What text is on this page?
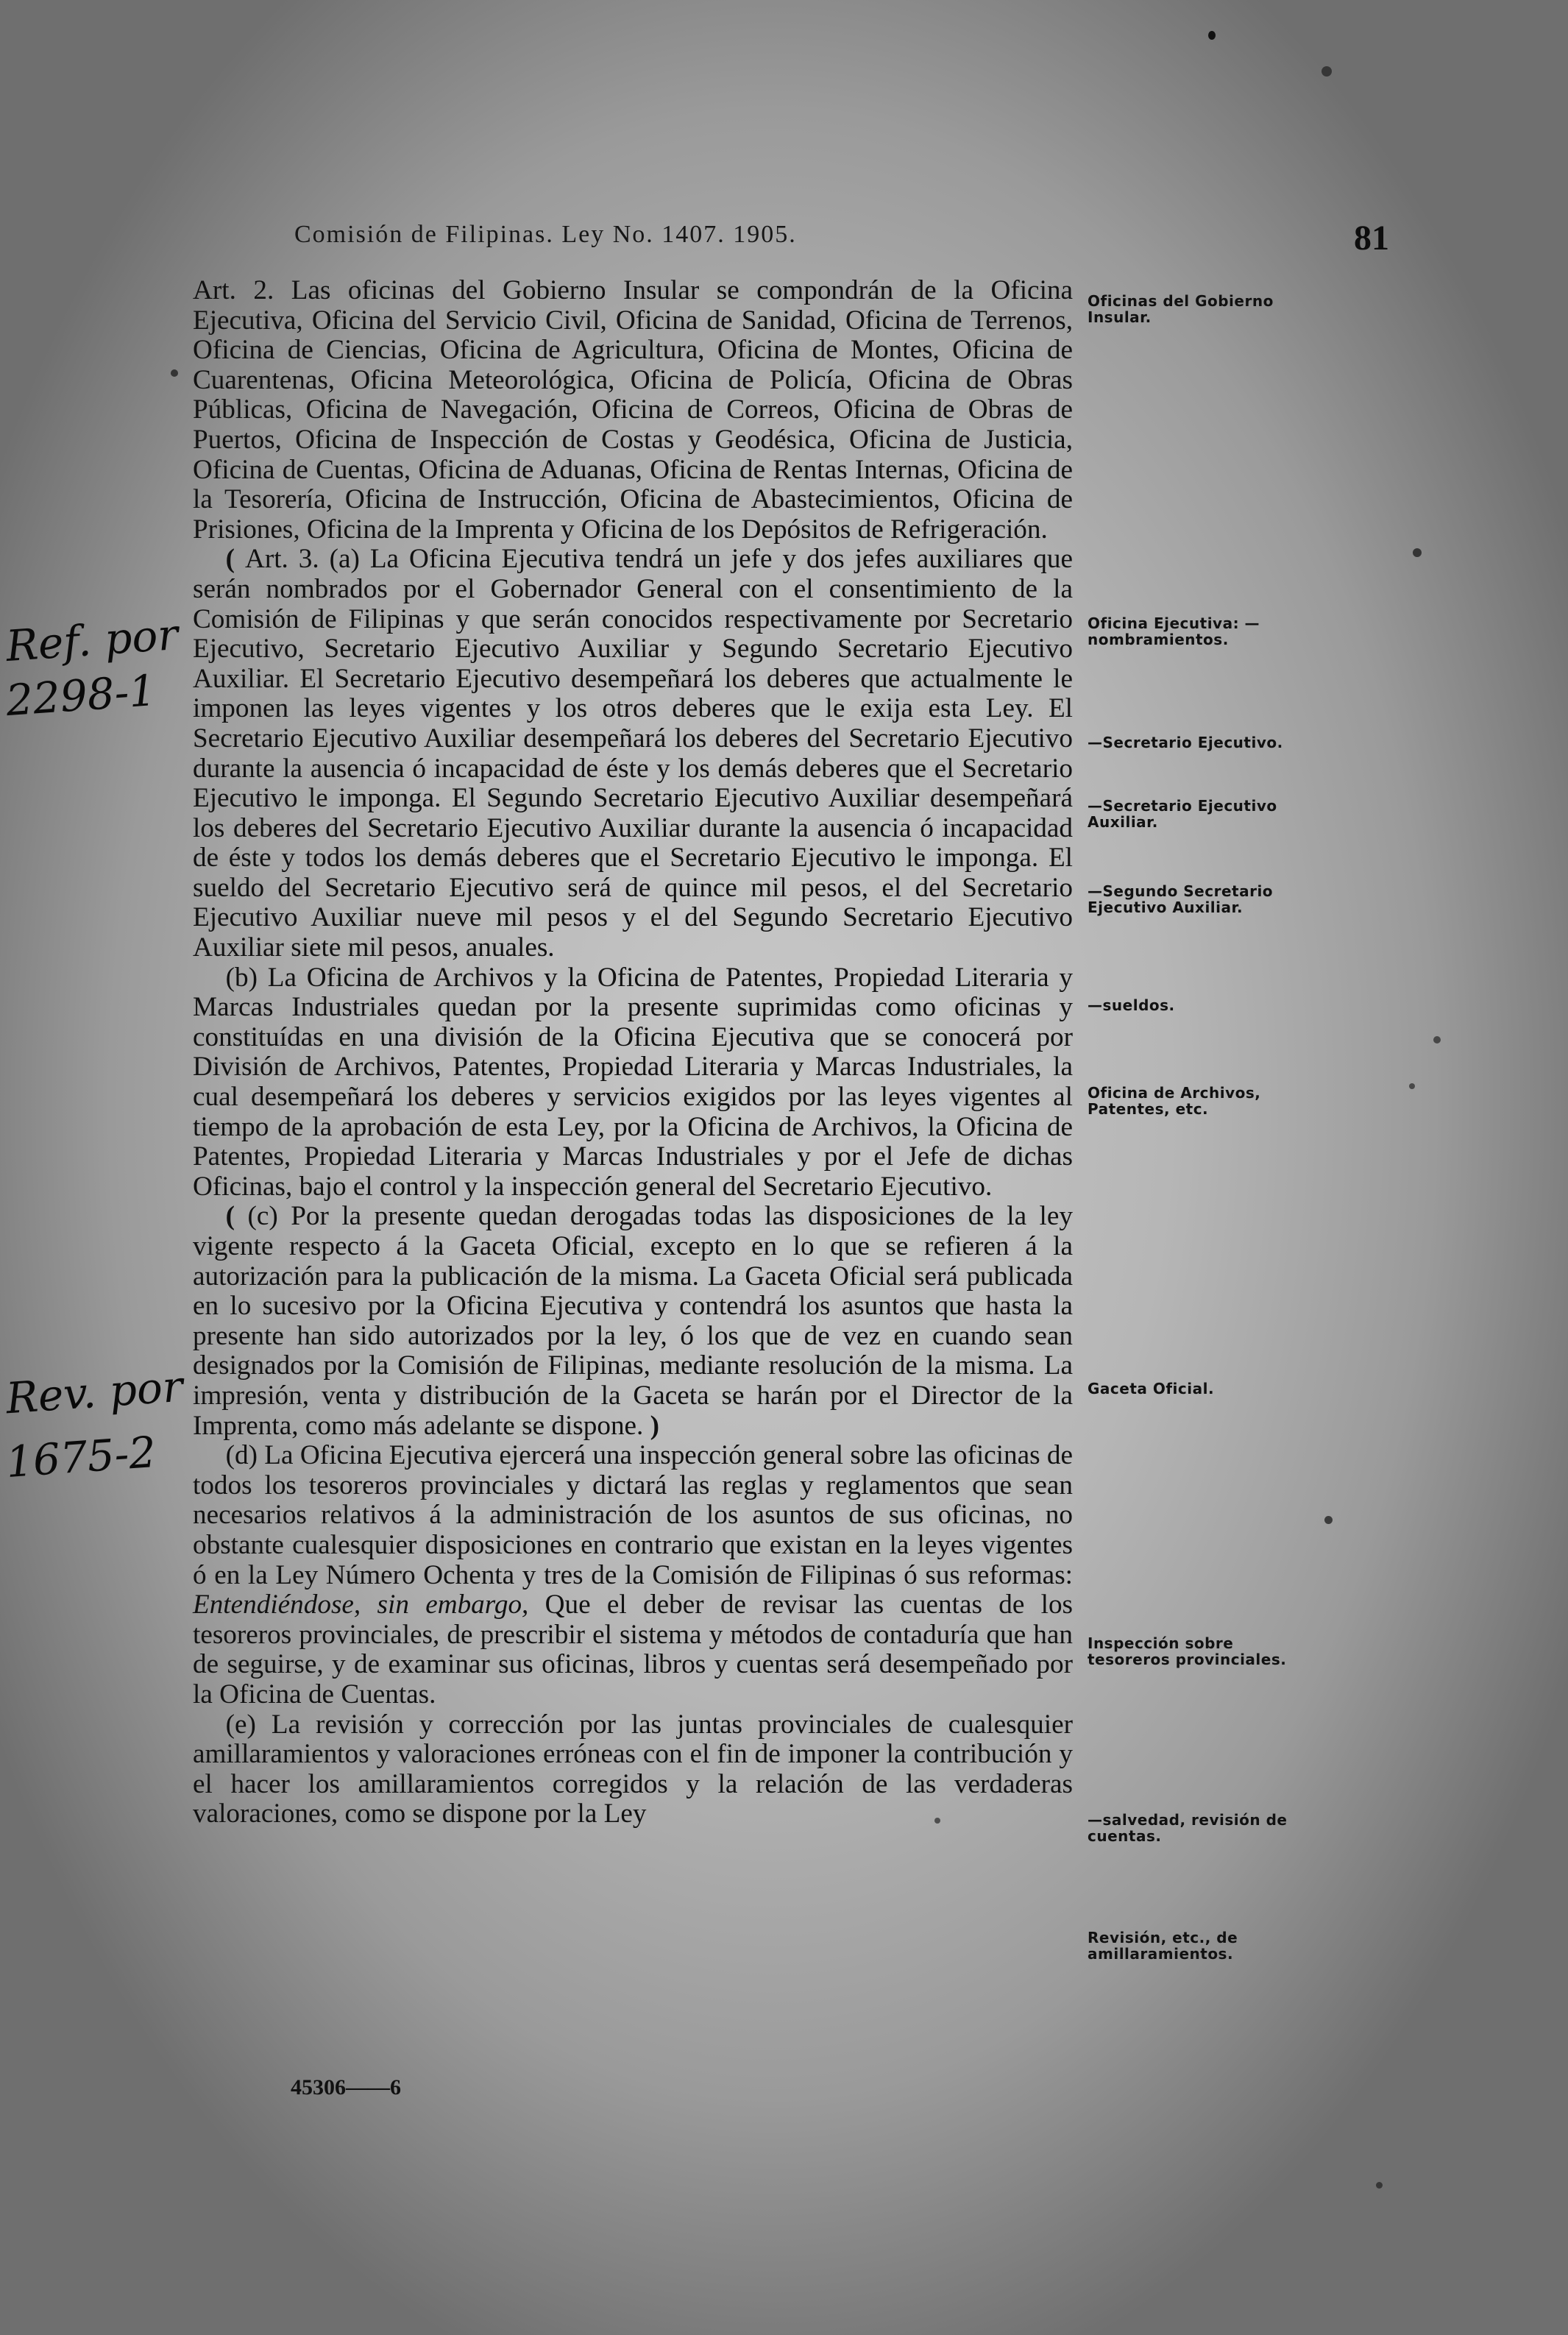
Comisión de Filipinas. Ley No. 1407. 1905.	81

Art. 2. Las oficinas del Gobierno Insular se compondrán de la Oficina Ejecutiva, Oficina del Servicio Civil, Oficina de Sanidad, Oficina de Terrenos, Oficina de Ciencias, Oficina de Agricultura, Oficina de Montes, Oficina de Cuarentenas, Oficina Meteorológica, Oficina de Policía, Oficina de Obras Públicas, Oficina de Navegación, Oficina de Correos, Oficina de Obras de Puertos, Oficina de Inspección de Costas y Geodésica, Oficina de Justicia, Oficina de Cuentas, Oficina de Aduanas, Oficina de Rentas Internas, Oficina de la Tesorería, Oficina de Instrucción, Oficina de Abastecimientos, Oficina de Prisiones, Oficina de la Imprenta y Oficina de los Depósitos de Refrigeración.

( Art. 3. (a) La Oficina Ejecutiva tendrá un jefe y dos jefes auxiliares que serán nombrados por el Gobernador General con el consentimiento de la Comisión de Filipinas y que serán conocidos respectivamente por Secretario Ejecutivo, Secretario Ejecutivo Auxiliar y Segundo Secretario Ejecutivo Auxiliar. El Secretario Ejecutivo desempeñará los deberes que actualmente le imponen las leyes vigentes y los otros deberes que le exija esta Ley. El Secretario Ejecutivo Auxiliar desempeñará los deberes del Secretario Ejecutivo durante la ausencia ó incapacidad de éste y los demás deberes que el Secretario Ejecutivo le imponga. El Segundo Secretario Ejecutivo Auxiliar desempeñará los deberes del Secretario Ejecutivo Auxiliar durante la ausencia ó incapacidad de éste y todos los demás deberes que el Secretario Ejecutivo le imponga. El sueldo del Secretario Ejecutivo será de quince mil pesos, el del Secretario Ejecutivo Auxiliar nueve mil pesos y el del Segundo Secretario Ejecutivo Auxiliar siete mil pesos, anuales.

(b) La Oficina de Archivos y la Oficina de Patentes, Propiedad Literaria y Marcas Industriales quedan por la presente suprimidas como oficinas y constituídas en una división de la Oficina Ejecutiva que se conocerá por División de Archivos, Patentes, Propiedad Literaria y Marcas Industriales, la cual desempeñará los deberes y servicios exigidos por las leyes vigentes al tiempo de la aprobación de esta Ley, por la Oficina de Archivos, la Oficina de Patentes, Propiedad Literaria y Marcas Industriales y por el Jefe de dichas Oficinas, bajo el control y la inspección general del Secretario Ejecutivo.

( (c) Por la presente quedan derogadas todas las disposiciones de la ley vigente respecto á la Gaceta Oficial, excepto en lo que se refieren á la autorización para la publicación de la misma. La Gaceta Oficial será publicada en lo sucesivo por la Oficina Ejecutiva y contendrá los asuntos que hasta la presente han sido autorizados por la ley, ó los que de vez en cuando sean designados por la Comisión de Filipinas, mediante resolución de la misma. La impresión, venta y distribución de la Gaceta se harán por el Director de la Imprenta, como más adelante se dispone. )

(d) La Oficina Ejecutiva ejercerá una inspección general sobre las oficinas de todos los tesoreros provinciales y dictará las reglas y reglamentos que sean necesarios relativos á la administración de los asuntos de sus oficinas, no obstante cualesquier disposiciones en contrario que existan en la leyes vigentes ó en la Ley Número Ochenta y tres de la Comisión de Filipinas ó sus reformas: Entendiéndose, sin embargo, Que el deber de revisar las cuentas de los tesoreros provinciales, de prescribir el sistema y métodos de contaduría que han de seguirse, y de examinar sus oficinas, libros y cuentas será desempeñado por la Oficina de Cuentas.

(e) La revisión y corrección por las juntas provinciales de cualesquier amillaramientos y valoraciones erróneas con el fin de imponer la contribución y el hacer los amillaramientos corregidos y la relación de las verdaderas valoraciones, como se dispone por la Ley

Oficinas del Gobierno Insular.
Oficina Ejecutiva: —nombramientos.
—Secretario Ejecutivo.
—Secretario Ejecutivo Auxiliar.
—Segundo Secretario Ejecutivo Auxiliar.
—sueldos.
Oficina de Archivos, Patentes, etc.
Gaceta Oficial.
Inspección sobre tesoreros provinciales.
—salvedad, revisión de cuentas.
Revisión, etc., de amillaramientos.
Ref. por
2298-1
Rev. por
1675-2
45306——6
